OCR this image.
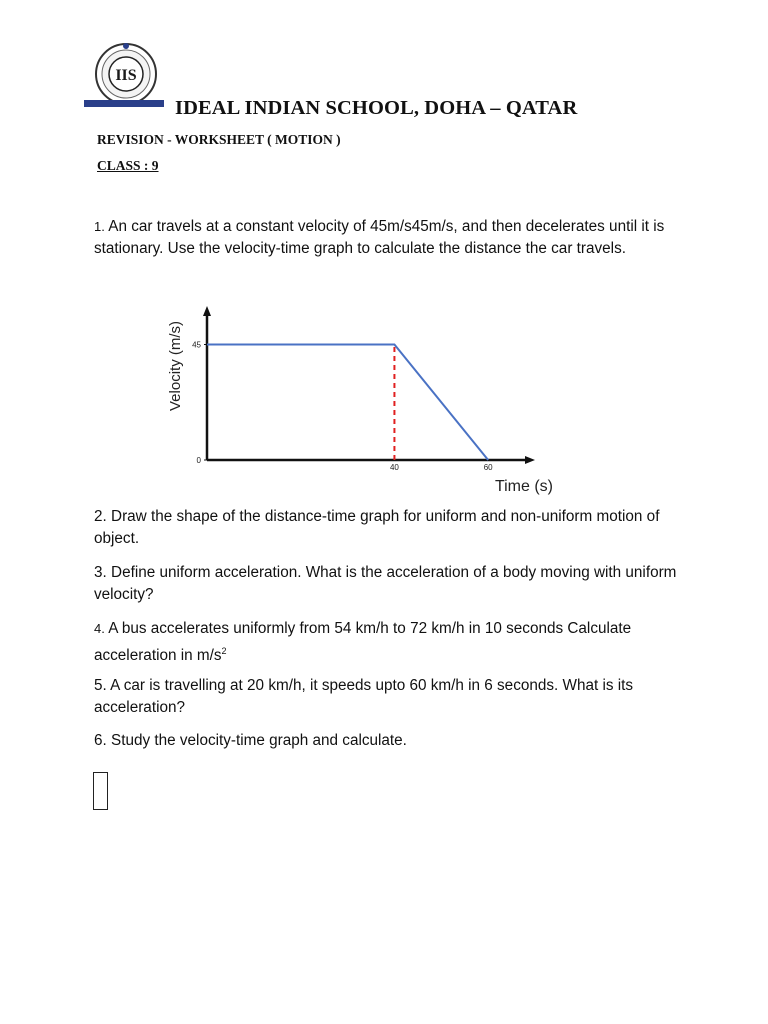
IIS
IDEAL INDIAN SCHOOL, DOHA – QATAR
REVISION - WORKSHEET ( MOTION )
CLASS : 9
1. An car travels at a constant velocity of 45m/s45m/s, and then decelerates until it is stationary. Use the velocity-time graph to calculate the distance the car travels.
0
45
40	60
Velocity (m/s)
Time (s)
2. Draw the shape of the distance-time graph for uniform and non-uniform motion of object.
3. Define uniform acceleration. What is the acceleration of a body moving with uniform velocity?
4. A bus accelerates uniformly from 54 km/h to 72 km/h in 10 seconds Calculate acceleration in $m/s^2$
5. A car is travelling at 20 km/h, it speeds upto 60 km/h in 6 seconds. What is its acceleration?
6. Study the velocity-time graph and calculate.
